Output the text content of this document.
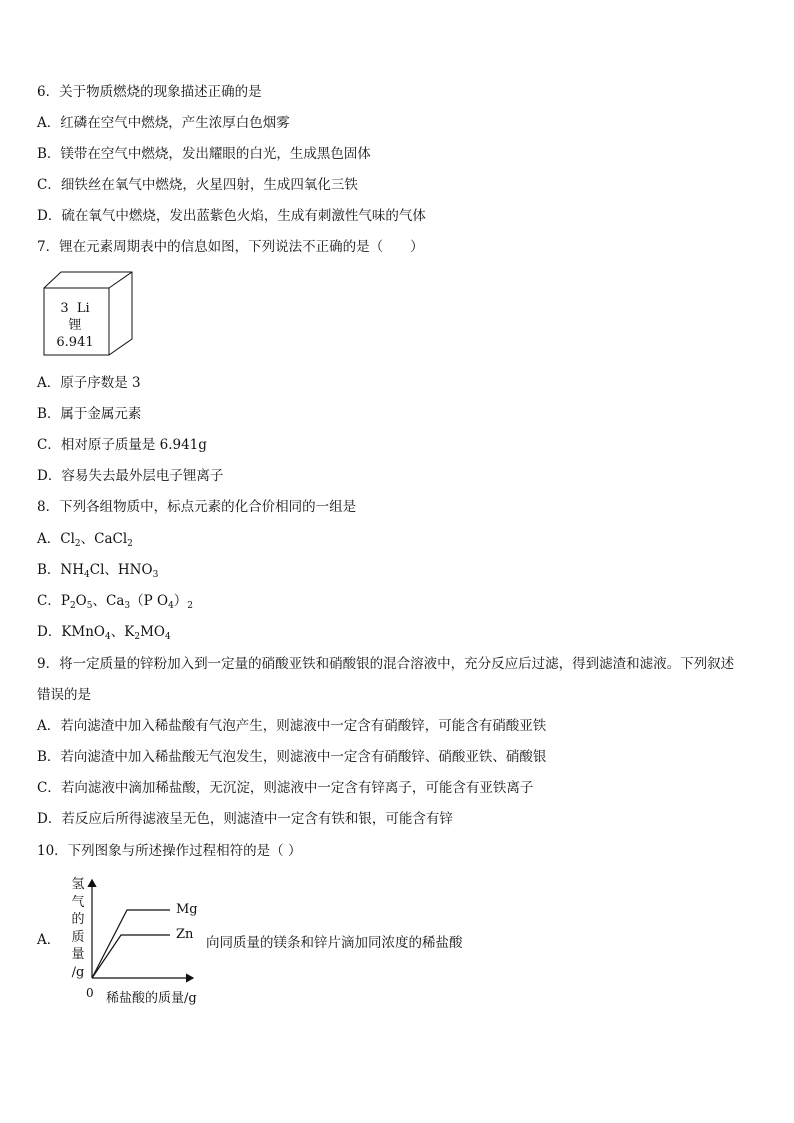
6．关于物质燃烧的现象描述正确的是
A．红磷在空气中燃烧，产生浓厚白色烟雾
B．镁带在空气中燃烧，发出耀眼的白光，生成黑色固体
C．细铁丝在氧气中燃烧，火星四射，生成四氧化三铁
D．硫在氧气中燃烧，发出蓝紫色火焰，生成有刺激性气味的气体
7．锂在元素周期表中的信息如图，下列说法不正确的是（　　）
3 Li
锂
6.941
A．原子序数是 3
B．属于金属元素
C．相对原子质量是 6.941g
D．容易失去最外层电子锂离子
8．下列各组物质中，标点元素的化合价相同的一组是
A．$Cl_2$、CaCl$_2$
B．$NH_4Cl$、$HNO_3$
C．$P_2O_5$、$Ca_3(P$ $O_4)_2$
D．KMnO$_4$、$K_2MO_4$
9．将一定质量的锌粉加入到一定量的硝酸亚铁和硝酸银的混合溶液中，充分反应后过滤，得到滤渣和滤液。下列叙述
错误的是
A．若向滤渣中加入稀盐酸有气泡产生，则滤液中一定含有硝酸锌，可能含有硝酸亚铁
B．若向滤渣中加入稀盐酸无气泡发生，则滤液中一定含有硝酸锌、硝酸亚铁、硝酸银
C．若向滤液中滴加稀盐酸，无沉淀，则滤液中一定含有锌离子，可能含有亚铁离子
D．若反应后所得滤液呈无色，则滤渣中一定含有铁和银，可能含有锌
10．下列图象与所述操作过程相符的是（ ）
A．
氢
气
的
质
量
/g
Mg
Zn
向同质量的镁条和锌片滴加同浓度的稀盐酸
0 稀盐酸的质量/g
